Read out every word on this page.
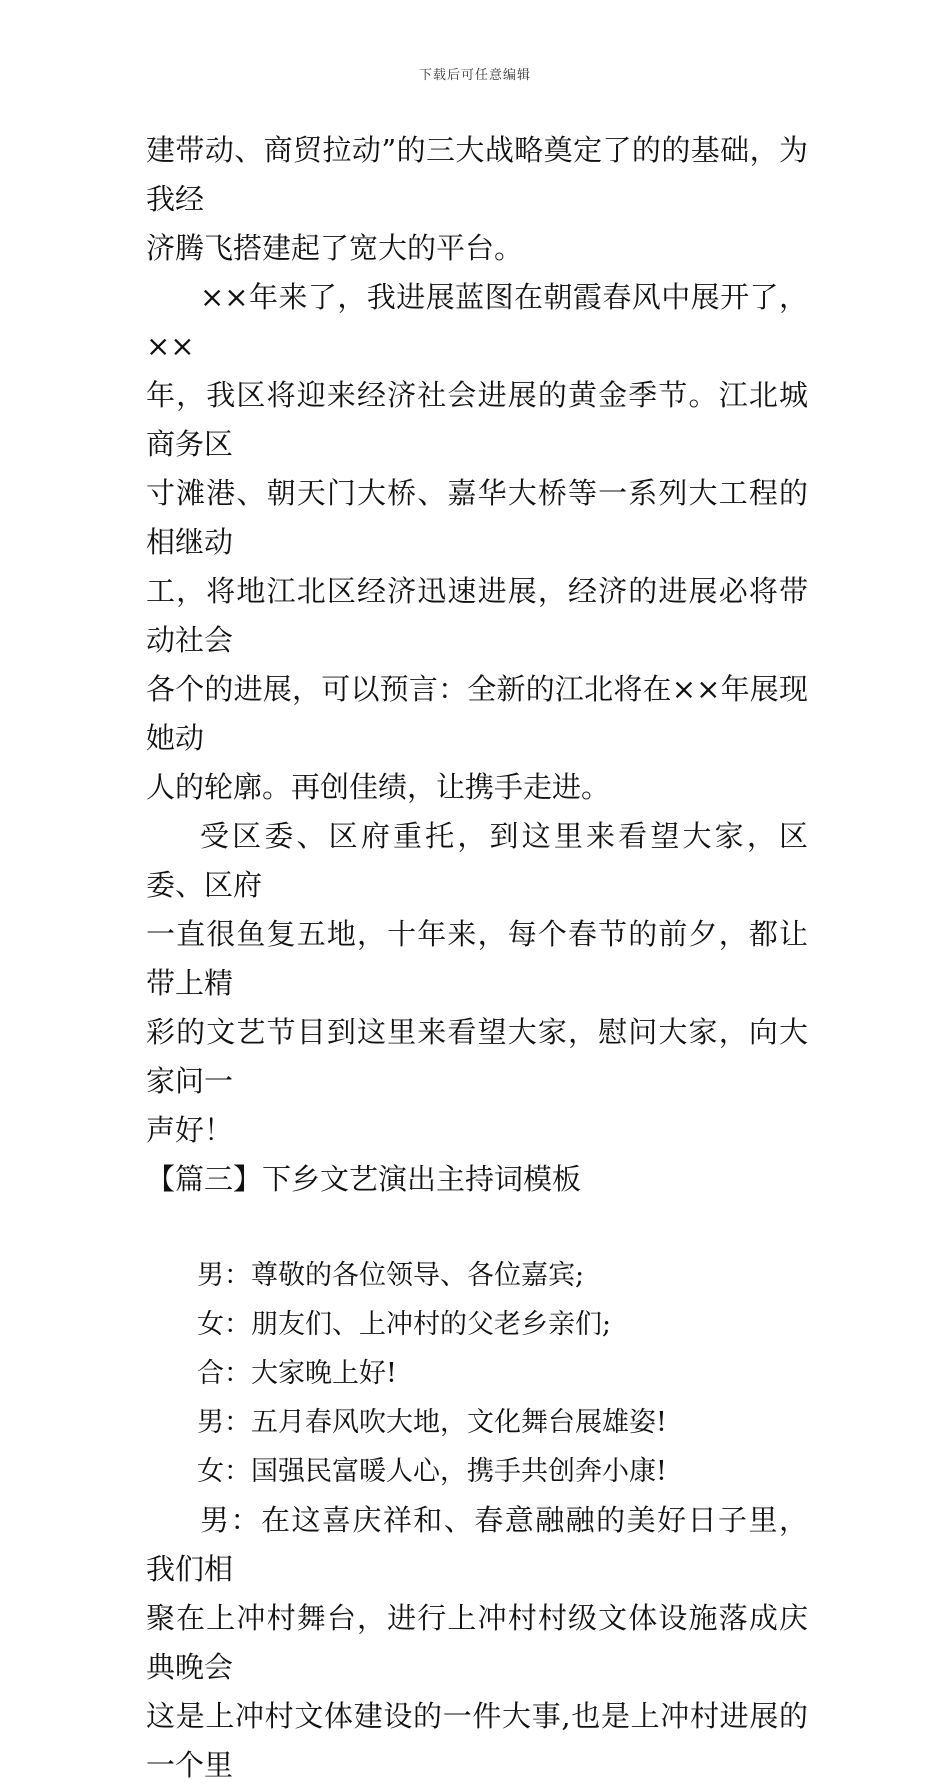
下载后可任意编辑

建带动、商贸拉动”的三大战略奠定了的的基础，为我经

济腾飞搭建起了宽大的平台。

××年来了，我进展蓝图在朝霞春风中展开了，××

年，我区将迎来经济社会进展的黄金季节。江北城商务区

寸滩港、朝天门大桥、嘉华大桥等一系列大工程的相继动

工，将地江北区经济迅速进展，经济的进展必将带动社会

各个的进展，可以预言：全新的江北将在××年展现她动

人的轮廓。再创佳绩，让携手走进。

受区委、区府重托，到这里来看望大家，区委、区府

一直很鱼复五地，十年来，每个春节的前夕，都让带上精

彩的文艺节目到这里来看望大家，慰问大家，向大家问一

声好！

【篇三】下乡文艺演出主持词模板

男：尊敬的各位领导、各位嘉宾;

女：朋友们、上冲村的父老乡亲们;

合：大家晚上好!

男：五月春风吹大地，文化舞台展雄姿!

女：国强民富暖人心，携手共创奔小康!

男：在这喜庆祥和、春意融融的美好日子里，我们相

聚在上冲村舞台，进行上冲村村级文体设施落成庆典晚会

这是上冲村文体建设的一件大事,也是上冲村进展的一个里
